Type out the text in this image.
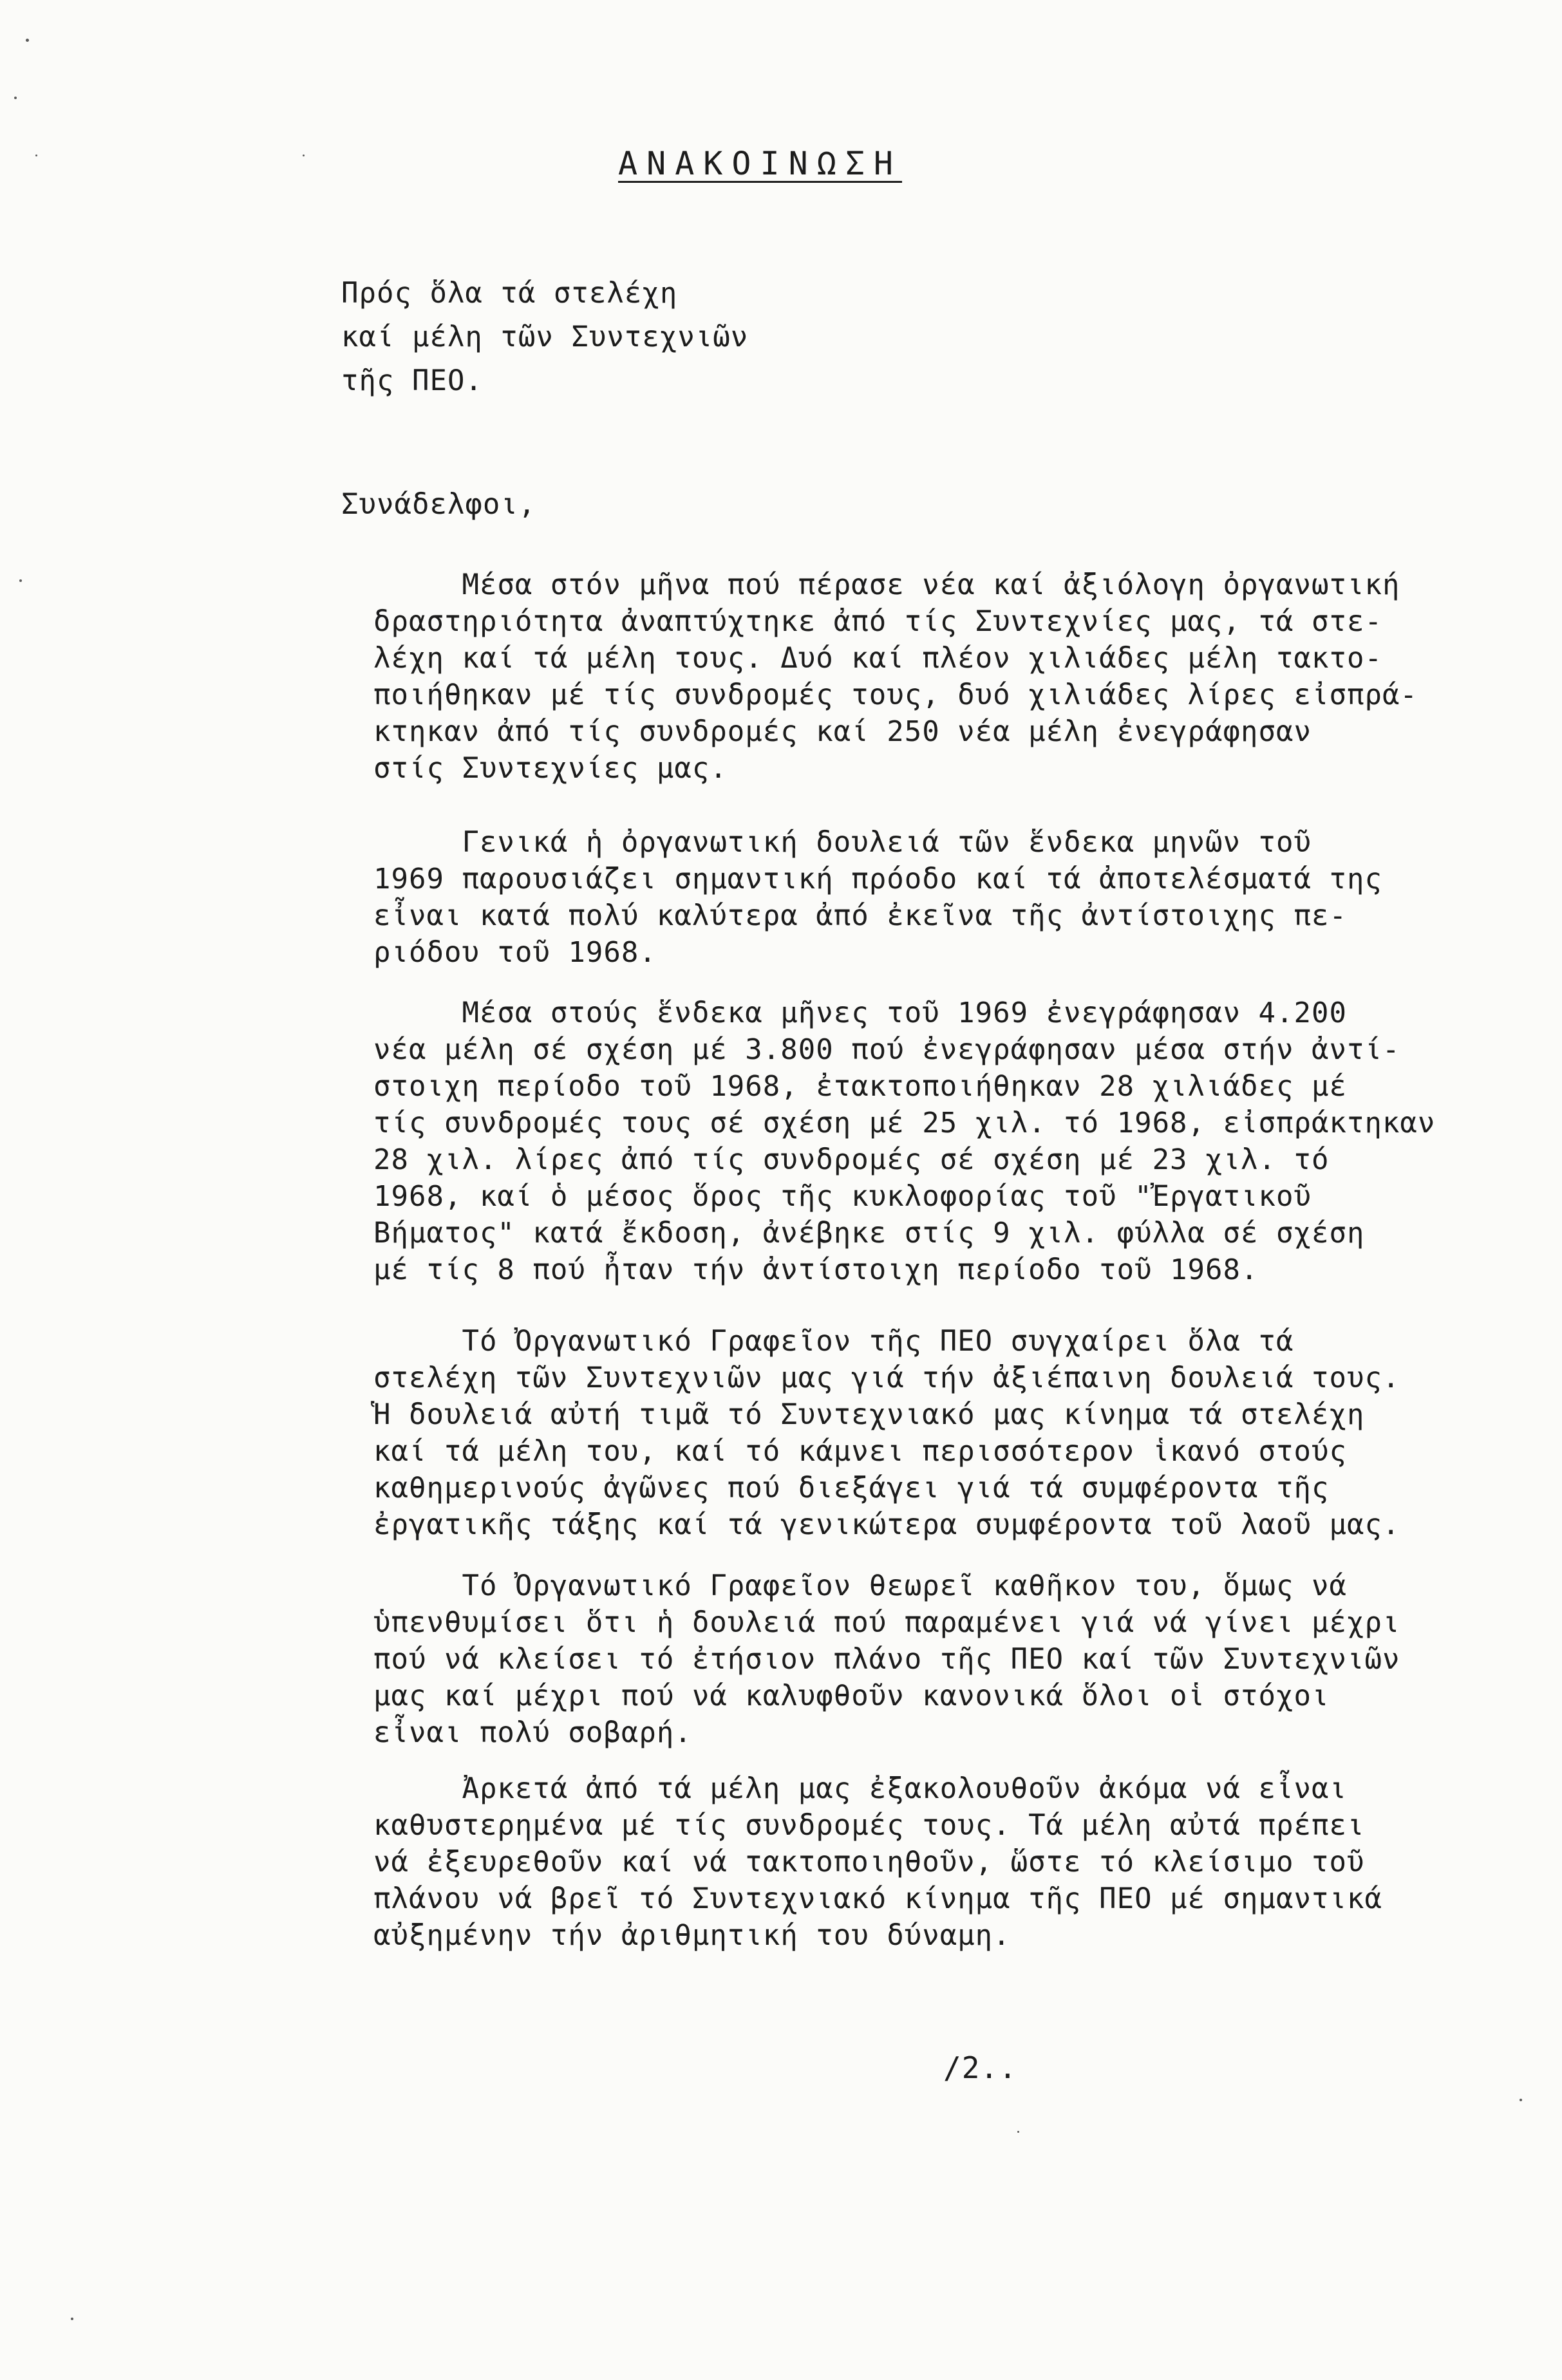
ΑΝΑΚΟΙΝΩΣΗ
Πρός ὅλα τά στελέχη
καί μέλη τῶν Συντεχνιῶν
τῆς ΠΕΟ.
Συνάδελφοι,
Μέσα στόν μῆνα πού πέρασε νέα καί ἀξιόλογη ὀργανωτική
δραστηριότητα ἀναπτύχτηκε ἀπό τίς Συντεχνίες μας, τά στε-
λέχη καί τά μέλη τους. Δυό καί πλέον χιλιάδες μέλη τακτο-
ποιήθηκαν μέ τίς συνδρομές τους, δυό χιλιάδες λίρες εἰσπρά-
κτηκαν ἀπό τίς συνδρομές καί 250 νέα μέλη ἐνεγράφησαν
στίς Συντεχνίες μας.
Γενικά ἡ ὀργανωτική δουλειά τῶν ἕνδεκα μηνῶν τοῦ
1969 παρουσιάζει σημαντική πρόοδο καί τά ἀποτελέσματά της
εἶναι κατά πολύ καλύτερα ἀπό ἐκεῖνα τῆς ἀντίστοιχης πε-
ριόδου τοῦ 1968.
Μέσα στούς ἕνδεκα μῆνες τοῦ 1969 ἐνεγράφησαν 4.200
νέα μέλη σέ σχέση μέ 3.800 πού ἐνεγράφησαν μέσα στήν ἀντί-
στοιχη περίοδο τοῦ 1968, ἐτακτοποιήθηκαν 28 χιλιάδες μέ
τίς συνδρομές τους σέ σχέση μέ 25 χιλ. τό 1968, εἰσπράκτηκαν
28 χιλ. λίρες ἀπό τίς συνδρομές σέ σχέση μέ 23 χιλ. τό
1968, καί ὁ μέσος ὅρος τῆς κυκλοφορίας τοῦ "Ἐργατικοῦ
Βήματος" κατά ἔκδοση, ἀνέβηκε στίς 9 χιλ. φύλλα σέ σχέση
μέ τίς 8 πού ἦταν τήν ἀντίστοιχη περίοδο τοῦ 1968.
Τό Ὀργανωτικό Γραφεῖον τῆς ΠΕΟ συγχαίρει ὅλα τά
στελέχη τῶν Συντεχνιῶν μας γιά τήν ἀξιέπαινη δουλειά τους.
Ἡ δουλειά αὐτή τιμᾶ τό Συντεχνιακό μας κίνημα τά στελέχη
καί τά μέλη του, καί τό κάμνει περισσότερον ἱκανό στούς
καθημερινούς ἀγῶνες πού διεξάγει γιά τά συμφέροντα τῆς
ἐργατικῆς τάξης καί τά γενικώτερα συμφέροντα τοῦ λαοῦ μας.
Τό Ὀργανωτικό Γραφεῖον θεωρεῖ καθῆκον του, ὅμως νά
ὑπενθυμίσει ὅτι ἡ δουλειά πού παραμένει γιά νά γίνει μέχρι
πού νά κλείσει τό ἐτήσιον πλάνο τῆς ΠΕΟ καί τῶν Συντεχνιῶν
μας καί μέχρι πού νά καλυφθοῦν κανονικά ὅλοι οἱ στόχοι
εἶναι πολύ σοβαρή.
Ἀρκετά ἀπό τά μέλη μας ἐξακολουθοῦν ἀκόμα νά εἶναι
καθυστερημένα μέ τίς συνδρομές τους. Τά μέλη αὐτά πρέπει
νά ἐξευρεθοῦν καί νά τακτοποιηθοῦν, ὥστε τό κλείσιμο τοῦ
πλάνου νά βρεῖ τό Συντεχνιακό κίνημα τῆς ΠΕΟ μέ σημαντικά
αὐξημένην τήν ἀριθμητική του δύναμη.
/2..
